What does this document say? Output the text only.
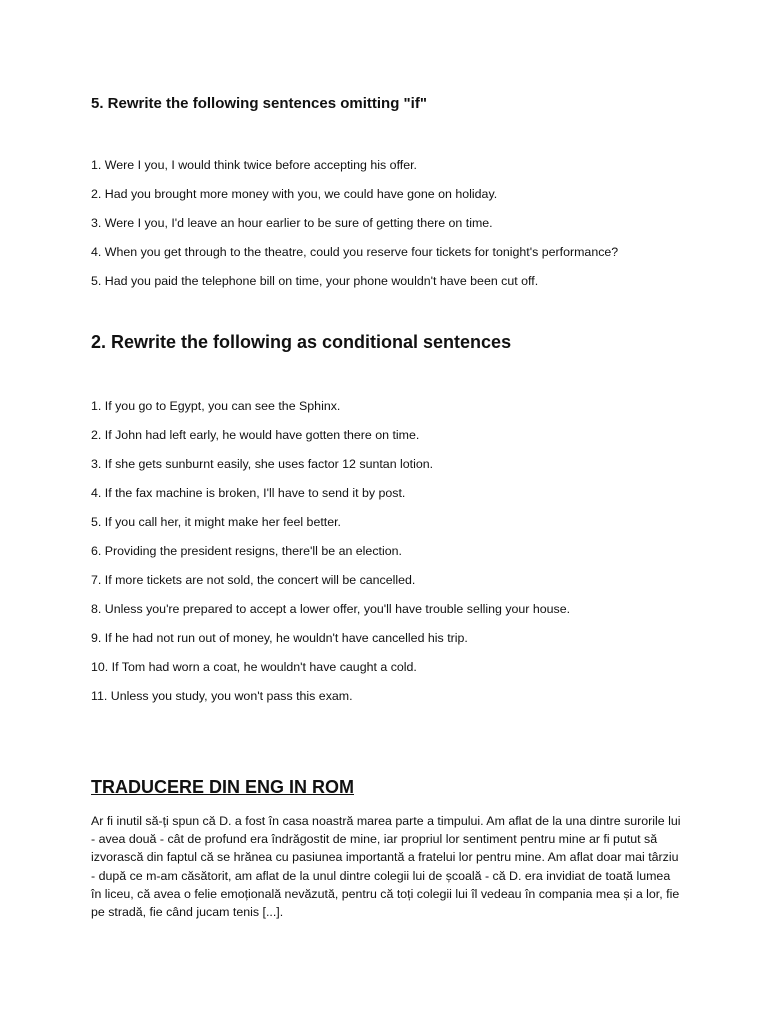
5. Rewrite the following sentences omitting "if"
1. Were I you, I would think twice before accepting his offer.
2. Had you brought more money with you, we could have gone on holiday.
3. Were I you, I'd leave an hour earlier to be sure of getting there on time.
4. When you get through to the theatre, could you reserve four tickets for tonight's performance?
5. Had you paid the telephone bill on time, your phone wouldn't have been cut off.
2. Rewrite the following as conditional sentences
1. If you go to Egypt, you can see the Sphinx.
2. If John had left early, he would have gotten there on time.
3. If she gets sunburnt easily, she uses factor 12 suntan lotion.
4. If the fax machine is broken, I'll have to send it by post.
5. If you call her, it might make her feel better.
6. Providing the president resigns, there'll be an election.
7. If more tickets are not sold, the concert will be cancelled.
8. Unless you're prepared to accept a lower offer, you'll have trouble selling your house.
9. If he had not run out of money, he wouldn't have cancelled his trip.
10. If Tom had worn a coat, he wouldn't have caught a cold.
11. Unless you study, you won't pass this exam.
TRADUCERE DIN ENG IN ROM

Ar fi inutil să-ți spun că D. a fost în casa noastră marea parte a timpului. Am aflat de la una dintre surorile lui - avea două - cât de profund era îndrăgostit de mine, iar propriul lor sentiment pentru mine ar fi putut să izvorască din faptul că se hrănea cu pasiunea importantă a fratelui lor pentru mine. Am aflat doar mai târziu - după ce m-am căsătorit, am aflat de la unul dintre colegii lui de școală - că D. era invidiat de toată lumea în liceu, că avea o felie emoțională nevăzută, pentru că toți colegii lui îl vedeau în compania mea și a lor, fie pe stradă, fie când jucam tenis [...].
